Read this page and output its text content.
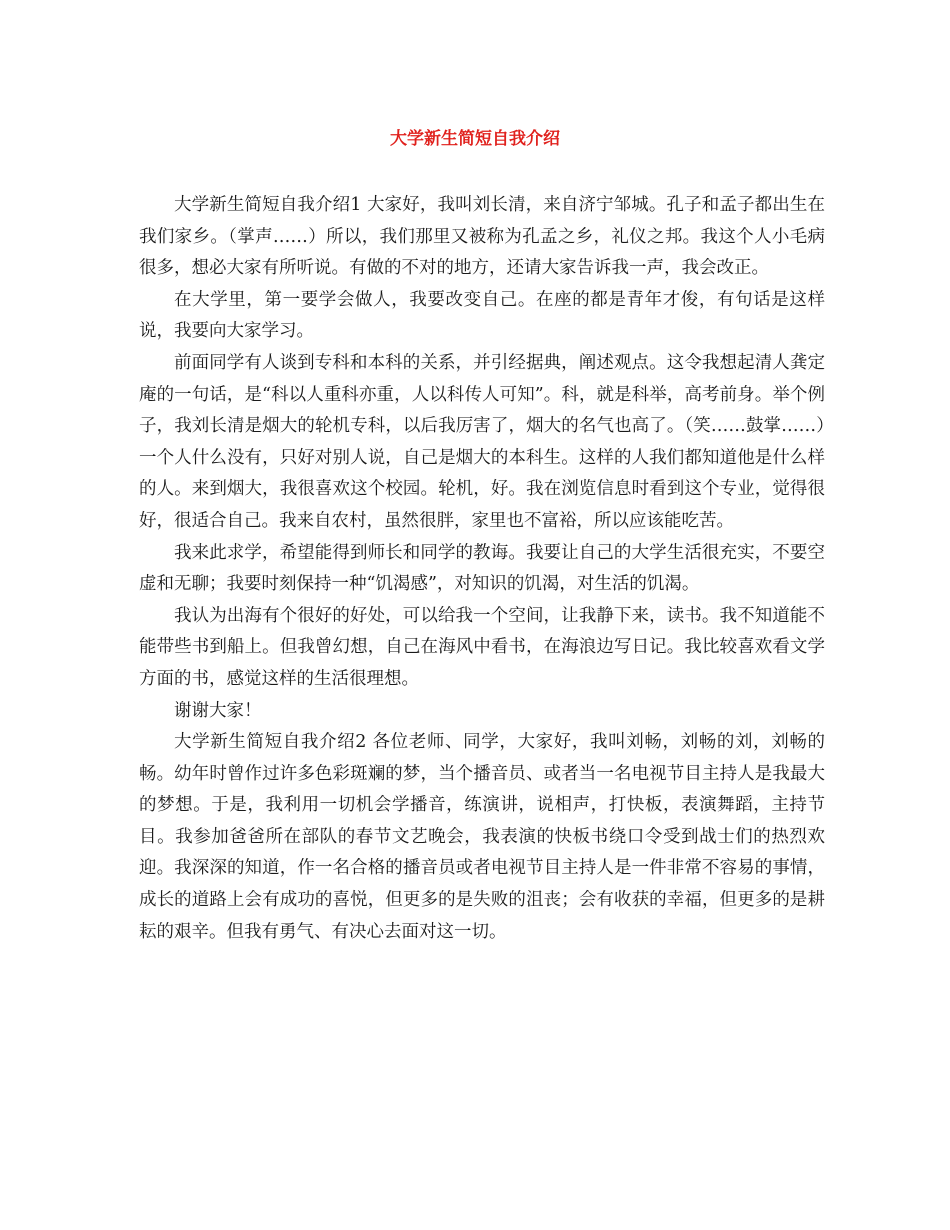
大学新生简短自我介绍

大学新生简短自我介绍1 大家好，我叫刘长清，来自济宁邹城。孔子和孟子都出生在我们家乡。（掌声……）所以，我们那里又被称为孔孟之乡，礼仪之邦。我这个人小毛病很多，想必大家有所听说。有做的不对的地方，还请大家告诉我一声，我会改正。

在大学里，第一要学会做人，我要改变自己。在座的都是青年才俊，有句话是这样说，我要向大家学习。

前面同学有人谈到专科和本科的关系，并引经据典，阐述观点。这令我想起清人龚定庵的一句话，是“科以人重科亦重，人以科传人可知”。科，就是科举，高考前身。举个例子，我刘长清是烟大的轮机专科，以后我厉害了，烟大的名气也高了。（笑……鼓掌……）一个人什么没有，只好对别人说，自己是烟大的本科生。这样的人我们都知道他是什么样的人。来到烟大，我很喜欢这个校园。轮机，好。我在浏览信息时看到这个专业，觉得很好，很适合自己。我来自农村，虽然很胖，家里也不富裕，所以应该能吃苦。

我来此求学，希望能得到师长和同学的教诲。我要让自己的大学生活很充实，不要空虚和无聊；我要时刻保持一种“饥渴感”，对知识的饥渴，对生活的饥渴。

我认为出海有个很好的好处，可以给我一个空间，让我静下来，读书。我不知道能不能带些书到船上。但我曾幻想，自己在海风中看书，在海浪边写日记。我比较喜欢看文学方面的书，感觉这样的生活很理想。

谢谢大家！

大学新生简短自我介绍2 各位老师、同学，大家好，我叫刘畅，刘畅的刘，刘畅的畅。幼年时曾作过许多色彩斑斓的梦，当个播音员、或者当一名电视节目主持人是我最大的梦想。于是，我利用一切机会学播音，练演讲，说相声，打快板，表演舞蹈，主持节目。我参加爸爸所在部队的春节文艺晚会，我表演的快板书绕口令受到战士们的热烈欢迎。我深深的知道，作一名合格的播音员或者电视节目主持人是一件非常不容易的事情，成长的道路上会有成功的喜悦，但更多的是失败的沮丧；会有收获的幸福，但更多的是耕耘的艰辛。但我有勇气、有决心去面对这一切。
